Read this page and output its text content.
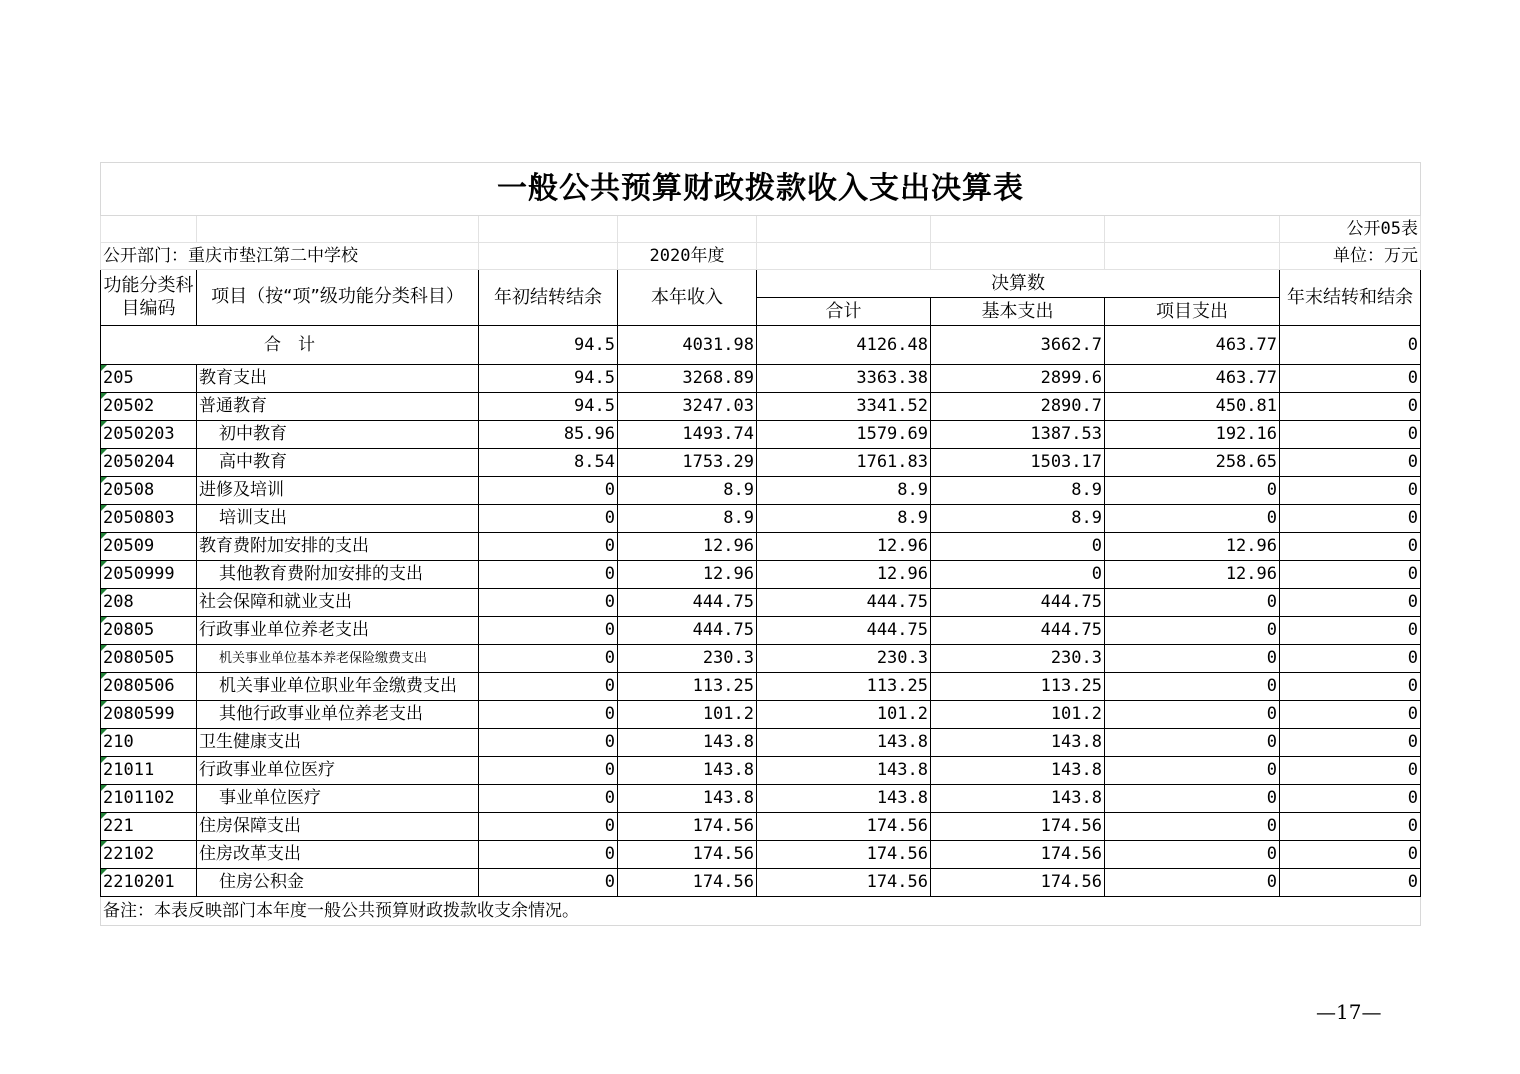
一般公共预算财政拨款收入支出决算表							
							公开05表
公开部门：重庆市垫江第二中学校			2020年度				单位：万元
功能分类科目编码	项目（按“项”级功能分类科目）	年初结转结余	本年收入	决算数			年末结转和结余
				合计	基本支出	项目支出	
合　计		94.5	4031.98	4126.48	3662.7	463.77	0
205	教育支出	94.5	3268.89	3363.38	2899.6	463.77	0
20502	普通教育	94.5	3247.03	3341.52	2890.7	450.81	0
2050203	初中教育	85.96	1493.74	1579.69	1387.53	192.16	0
2050204	高中教育	8.54	1753.29	1761.83	1503.17	258.65	0
20508	进修及培训	0	8.9	8.9	8.9	0	0
2050803	培训支出	0	8.9	8.9	8.9	0	0
20509	教育费附加安排的支出	0	12.96	12.96	0	12.96	0
2050999	其他教育费附加安排的支出	0	12.96	12.96	0	12.96	0
208	社会保障和就业支出	0	444.75	444.75	444.75	0	0
20805	行政事业单位养老支出	0	444.75	444.75	444.75	0	0
2080505	机关事业单位基本养老保险缴费支出	0	230.3	230.3	230.3	0	0
2080506	机关事业单位职业年金缴费支出	0	113.25	113.25	113.25	0	0
2080599	其他行政事业单位养老支出	0	101.2	101.2	101.2	0	0
210	卫生健康支出	0	143.8	143.8	143.8	0	0
21011	行政事业单位医疗	0	143.8	143.8	143.8	0	0
2101102	事业单位医疗	0	143.8	143.8	143.8	0	0
221	住房保障支出	0	174.56	174.56	174.56	0	0
22102	住房改革支出	0	174.56	174.56	174.56	0	0
2210201	住房公积金	0	174.56	174.56	174.56	0	0
备注：本表反映部门本年度一般公共预算财政拨款收支余情况。							
—17—
